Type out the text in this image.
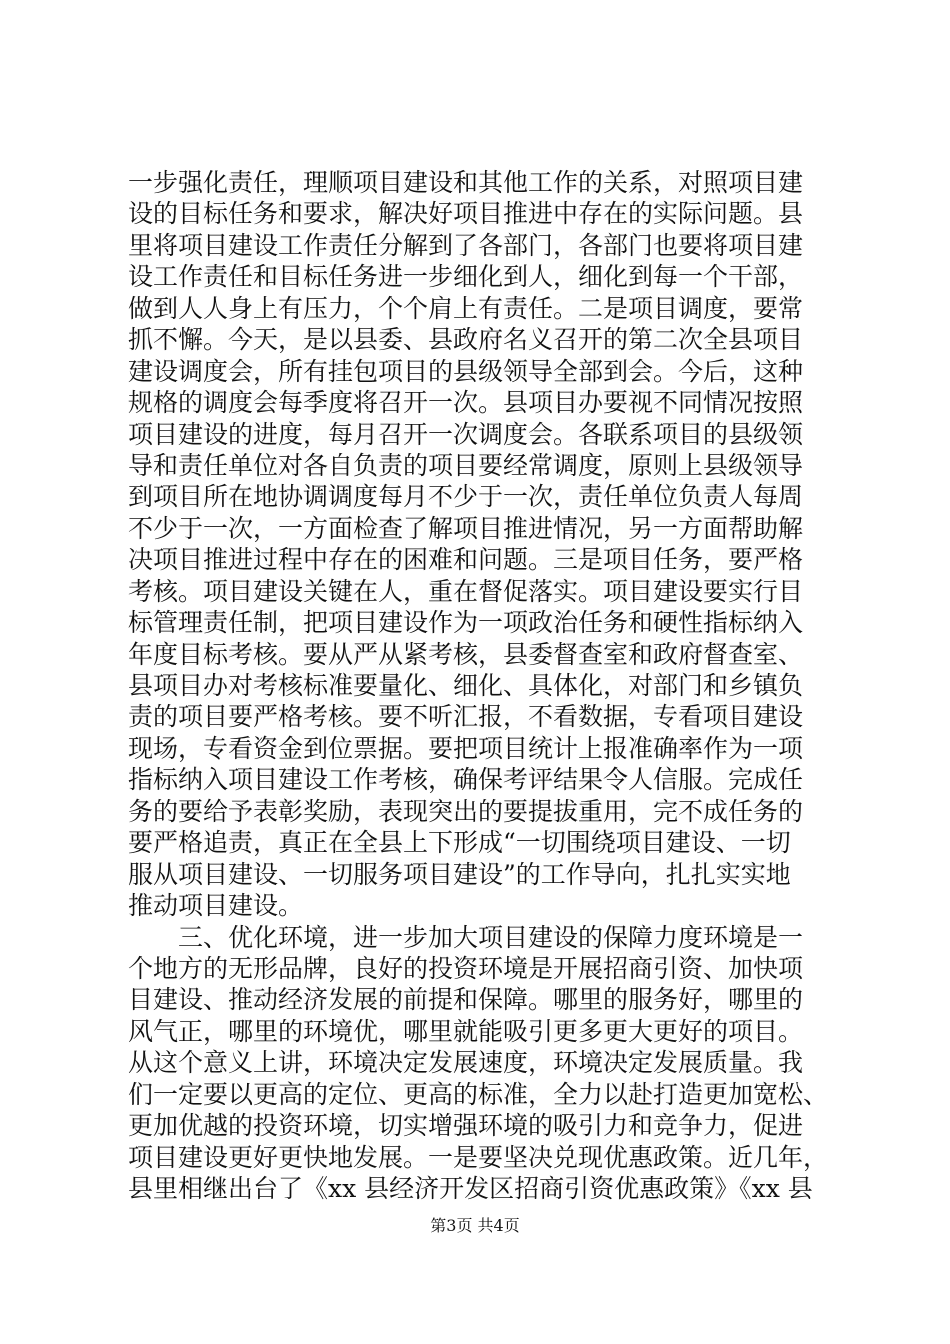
一步强化责任，理顺项目建设和其他工作的关系，对照项目建
设的目标任务和要求，解决好项目推进中存在的实际问题。县
里将项目建设工作责任分解到了各部门，各部门也要将项目建
设工作责任和目标任务进一步细化到人，细化到每一个干部，
做到人人身上有压力，个个肩上有责任。二是项目调度，要常
抓不懈。今天，是以县委、县政府名义召开的第二次全县项目
建设调度会，所有挂包项目的县级领导全部到会。今后，这种
规格的调度会每季度将召开一次。县项目办要视不同情况按照
项目建设的进度，每月召开一次调度会。各联系项目的县级领
导和责任单位对各自负责的项目要经常调度，原则上县级领导
到项目所在地协调调度每月不少于一次，责任单位负责人每周
不少于一次，一方面检查了解项目推进情况，另一方面帮助解
决项目推进过程中存在的困难和问题。三是项目任务，要严格
考核。项目建设关键在人，重在督促落实。项目建设要实行目
标管理责任制，把项目建设作为一项政治任务和硬性指标纳入
年度目标考核。要从严从紧考核，县委督查室和政府督查室、
县项目办对考核标准要量化、细化、具体化，对部门和乡镇负
责的项目要严格考核。要不听汇报，不看数据，专看项目建设
现场，专看资金到位票据。要把项目统计上报准确率作为一项
指标纳入项目建设工作考核，确保考评结果令人信服。完成任
务的要给予表彰奖励，表现突出的要提拔重用，完不成任务的
要严格追责，真正在全县上下形成“一切围绕项目建设、一切
服从项目建设、一切服务项目建设”的工作导向，扎扎实实地
推动项目建设。
　　三、优化环境，进一步加大项目建设的保障力度环境是一
个地方的无形品牌，良好的投资环境是开展招商引资、加快项
目建设、推动经济发展的前提和保障。哪里的服务好，哪里的
风气正，哪里的环境优，哪里就能吸引更多更大更好的项目。
从这个意义上讲，环境决定发展速度，环境决定发展质量。我
们一定要以更高的定位、更高的标准，全力以赴打造更加宽松、
更加优越的投资环境，切实增强环境的吸引力和竞争力，促进
项目建设更好更快地发展。一是要坚决兑现优惠政策。近几年，
县里相继出台了《xx 县经济开发区招商引资优惠政策》《xx 县
第3页 共4页
